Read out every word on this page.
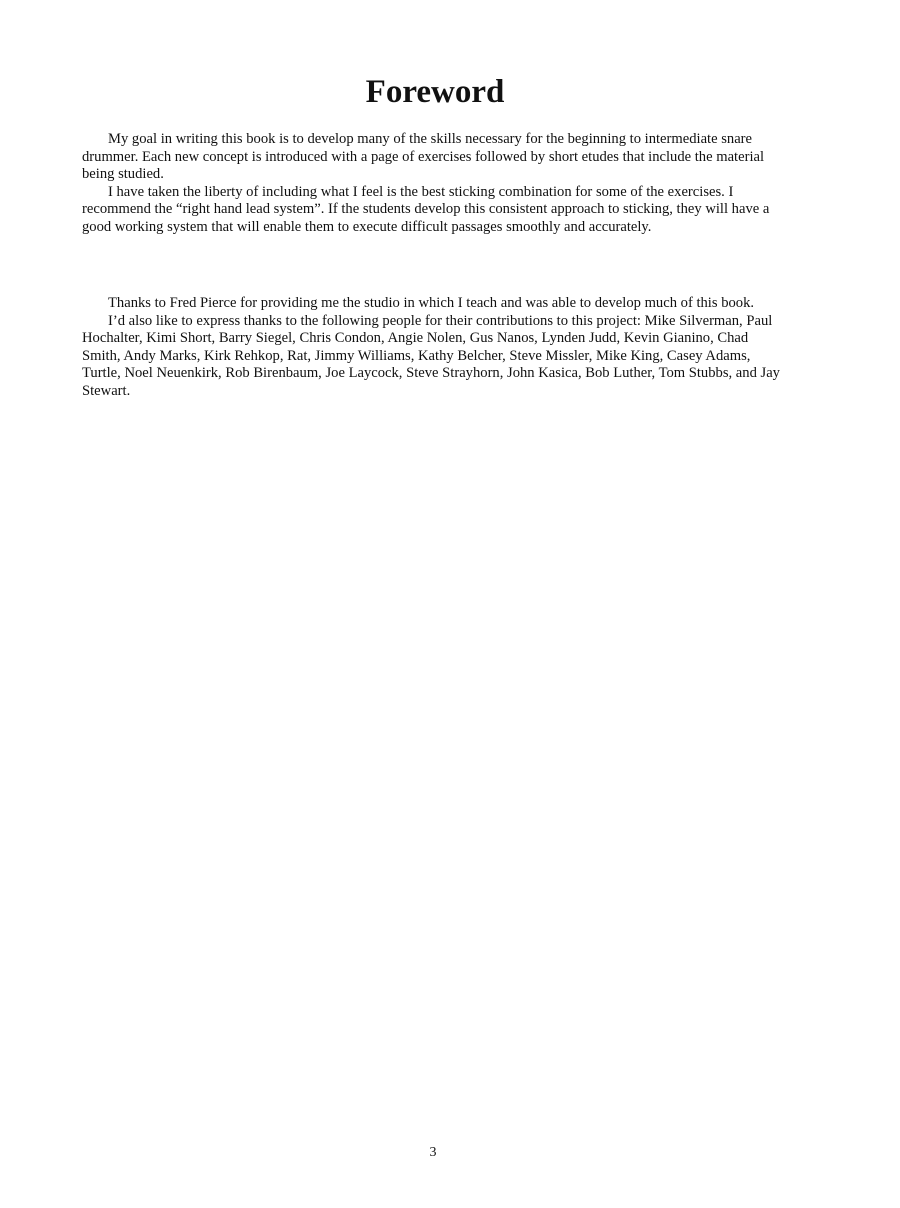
Foreword

My goal in writing this book is to develop many of the skills necessary for the beginning to intermediate snare drummer. Each new concept is introduced with a page of exercises followed by short etudes that include the material being studied.

I have taken the liberty of including what I feel is the best sticking combination for some of the exercises. I recommend the “right hand lead system”. If the students develop this consistent approach to sticking, they will have a good working system that will enable them to execute difficult passages smoothly and accurately.

Thanks to Fred Pierce for providing me the studio in which I teach and was able to develop much of this book.

I’d also like to express thanks to the following people for their contributions to this project: Mike Silverman, Paul Hochalter, Kimi Short, Barry Siegel, Chris Condon, Angie Nolen, Gus Nanos, Lynden Judd, Kevin Gianino, Chad Smith, Andy Marks, Kirk Rehkop, Rat, Jimmy Williams, Kathy Belcher, Steve Missler, Mike King, Casey Adams, Turtle, Noel Neuenkirk, Rob Birenbaum, Joe Laycock, Steve Strayhorn, John Kasica, Bob Luther, Tom Stubbs, and Jay Stewart.

3
